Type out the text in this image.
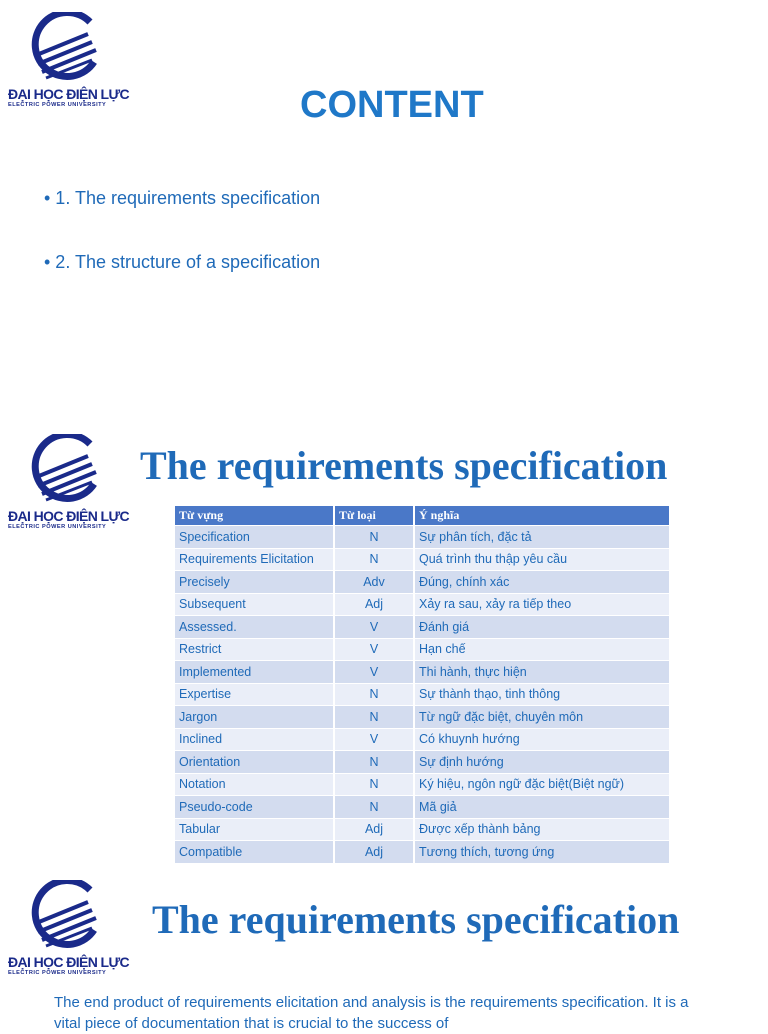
ĐẠI HỌC ĐIỆN LỰC
ELECTRIC POWER UNIVERSITY	CONTENT
• 1. The requirements specification
• 2. The structure of a specification
ĐẠI HỌC ĐIỆN LỰC
ELECTRIC POWER UNIVERSITY
The requirements specification
Từ vựng	Từ loại	Ý nghĩa
Specification	N	Sự phân tích, đặc tả
Requirements Elicitation	N	Quá trình thu thập yêu cầu
Precisely	Adv	Đúng, chính xác
Subsequent	Adj	Xảy ra sau, xảy ra tiếp theo
Assessed.	V	Đánh giá
Restrict	V	Hạn chế
Implemented	V	Thi hành, thực hiện
Expertise	N	Sự thành thạo, tinh thông
Jargon	N	Từ ngữ đặc biệt, chuyên môn
Inclined	V	Có khuynh hướng
Orientation	N	Sự định hướng
Notation	N	Ký hiệu, ngôn ngữ đặc biệt(Biệt ngữ)
Pseudo-code	N	Mã giả
Tabular	Adj	Được xếp thành bảng
Compatible	Adj	Tương thích, tương ứng
ĐẠI HỌC ĐIỆN LỰC
ELECTRIC POWER UNIVERSITY
The requirements specification
The end product of requirements elicitation and analysis is the requirements specification. It is a vital piece of documentation that is crucial to the success of
